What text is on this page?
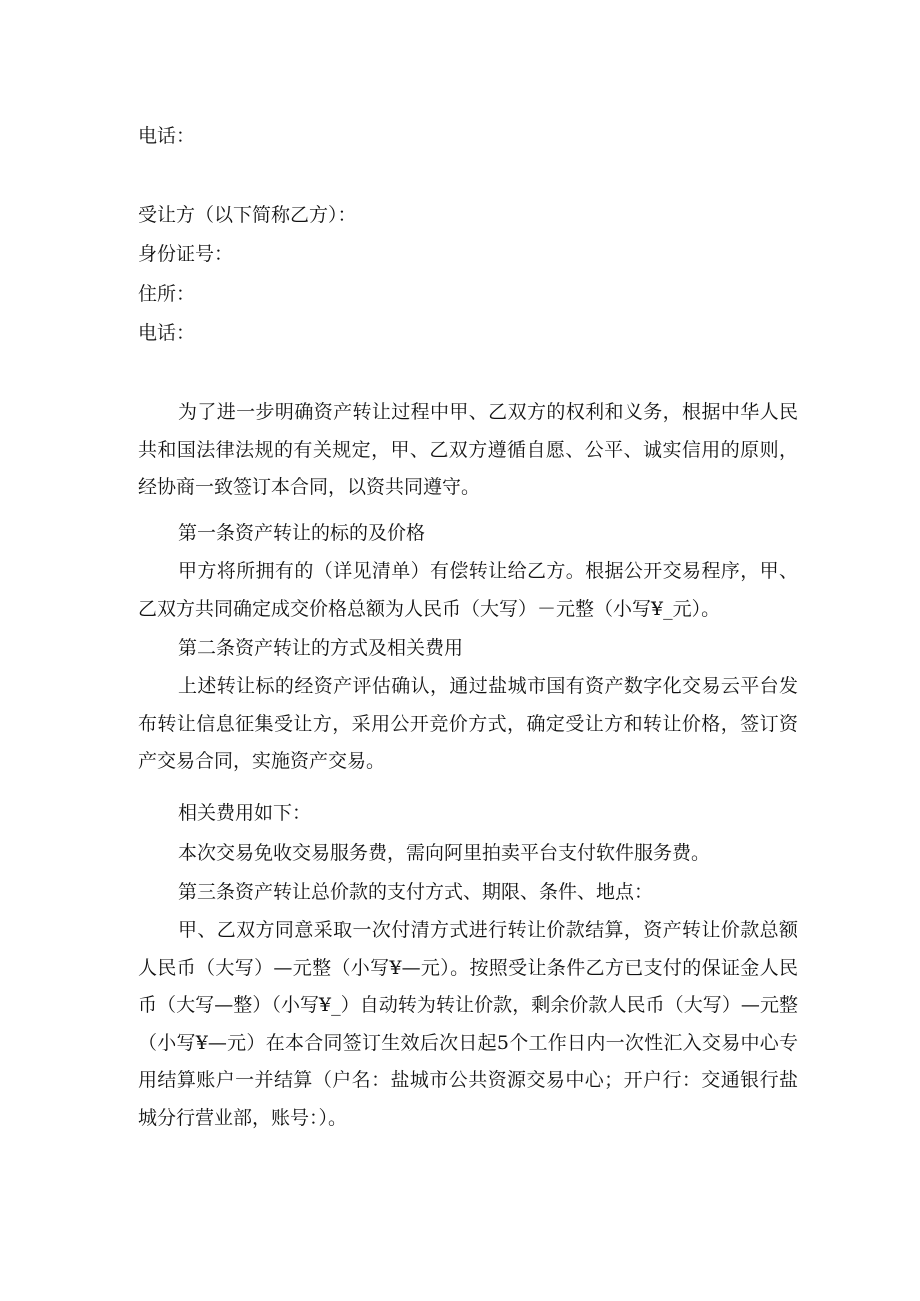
电话：
受让方（以下简称乙方）：
身份证号：
住所：
电话：

为了进一步明确资产转让过程中甲、乙双方的权利和义务，根据中华人民共和国法律法规的有关规定，甲、乙双方遵循自愿、公平、诚实信用的原则，经协商一致签订本合同，以资共同遵守。

第一条资产转让的标的及价格

甲方将所拥有的（详见清单）有偿转让给乙方。根据公开交易程序，甲、乙双方共同确定成交价格总额为人民币（大写）－元整（小写¥_元）。

第二条资产转让的方式及相关费用

上述转让标的经资产评估确认，通过盐城市国有资产数字化交易云平台发布转让信息征集受让方，采用公开竞价方式，确定受让方和转让价格，签订资产交易合同，实施资产交易。

相关费用如下：
本次交易免收交易服务费，需向阿里拍卖平台支付软件服务费。
第三条资产转让总价款的支付方式、期限、条件、地点：

甲、乙双方同意采取一次付清方式进行转让价款结算，资产转让价款总额人民币（大写）—元整（小写¥—元）。按照受让条件乙方已支付的保证金人民币（大写—整）（小写¥_）自动转为转让价款，剩余价款人民币（大写）—元整（小写¥—元）在本合同签订生效后次日起5个工作日内一次性汇入交易中心专用结算账户一并结算（户名：盐城市公共资源交易中心；开户行：交通银行盐城分行营业部，账号：）。
